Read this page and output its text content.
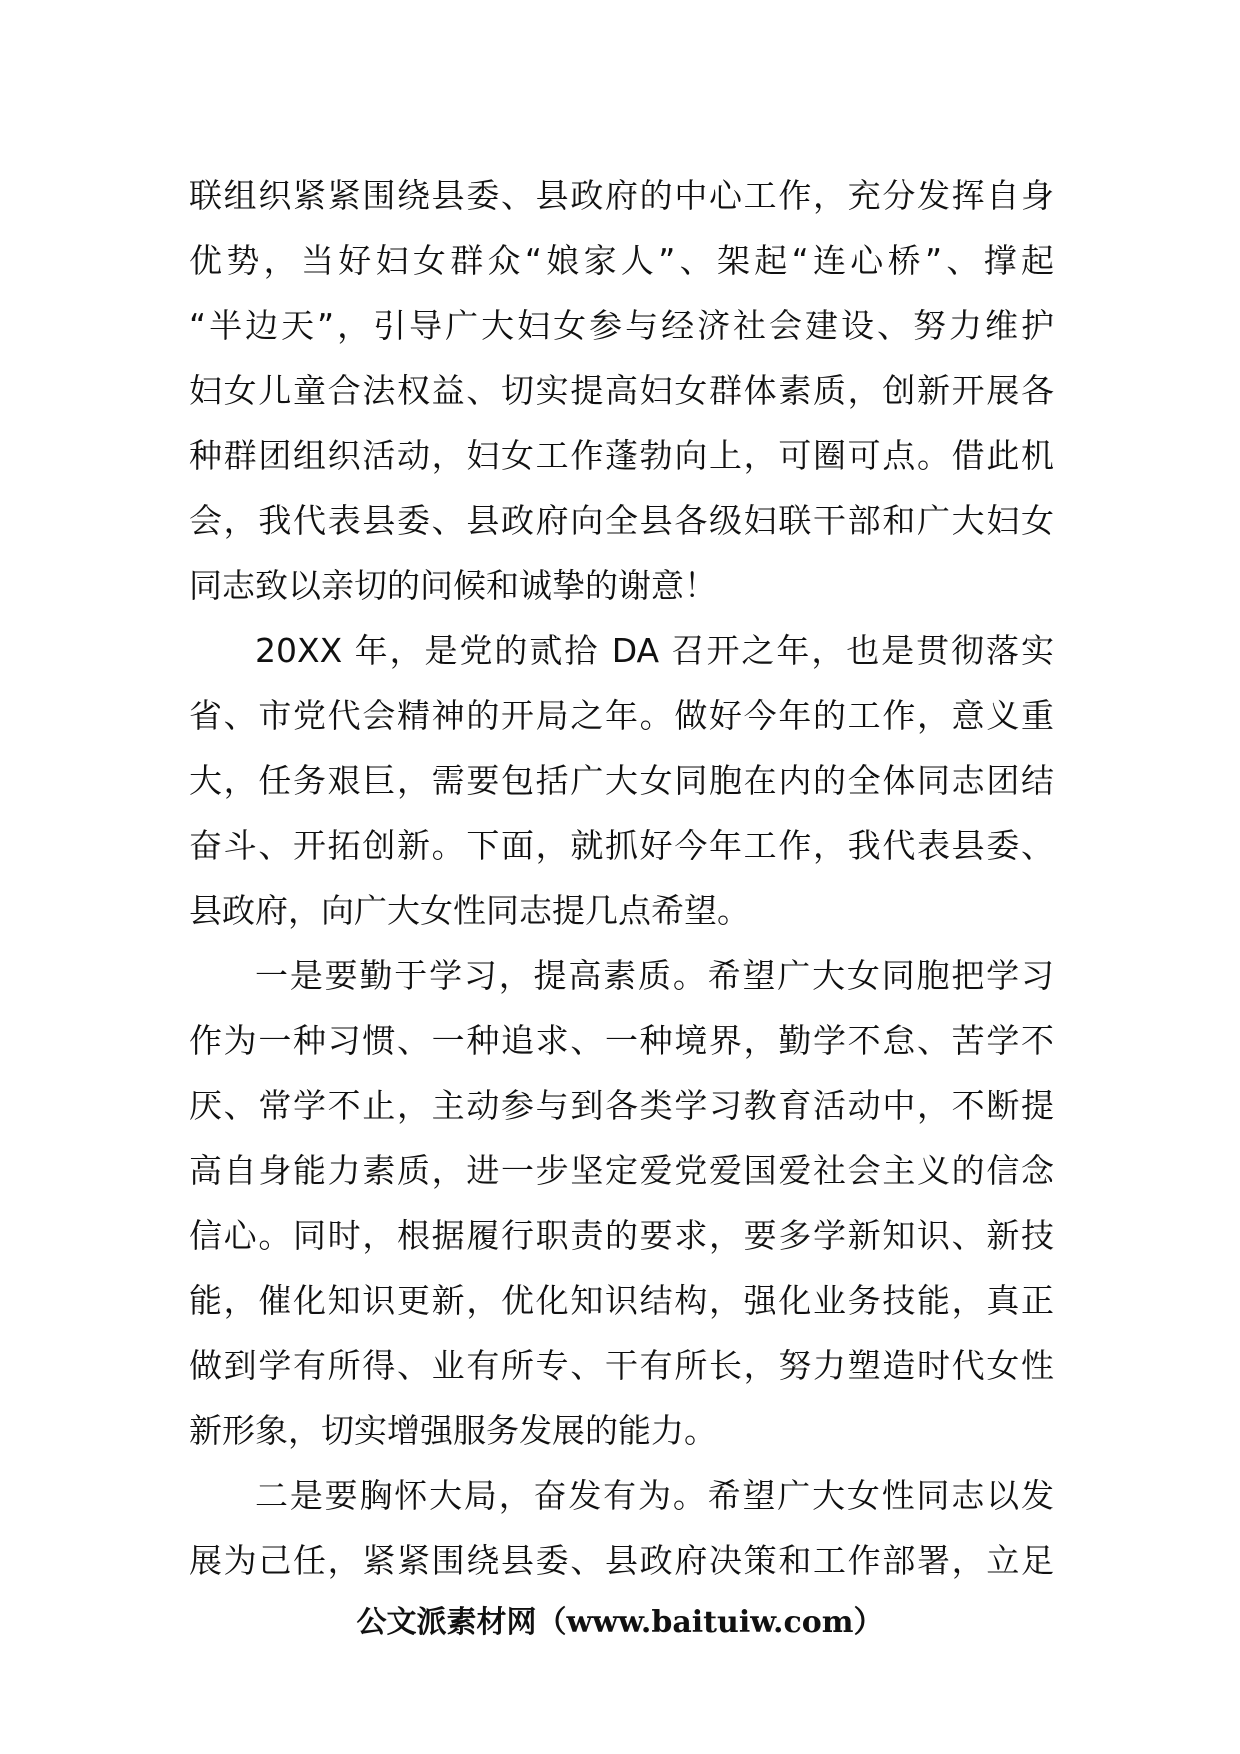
联组织紧紧围绕县委、县政府的中心工作，充分发挥自身
优势，当好妇女群众“娘家人”、架起“连心桥”、撑起
“半边天”，引导广大妇女参与经济社会建设、努力维护
妇女儿童合法权益、切实提高妇女群体素质，创新开展各
种群团组织活动，妇女工作蓬勃向上，可圈可点。借此机
会，我代表县委、县政府向全县各级妇联干部和广大妇女
同志致以亲切的问候和诚挚的谢意！
20XX 年，是党的贰拾 DA 召开之年，也是贯彻落实
省、市党代会精神的开局之年。做好今年的工作，意义重
大，任务艰巨，需要包括广大女同胞在内的全体同志团结
奋斗、开拓创新。下面，就抓好今年工作，我代表县委、
县政府，向广大女性同志提几点希望。
一是要勤于学习，提高素质。希望广大女同胞把学习
作为一种习惯、一种追求、一种境界，勤学不怠、苦学不
厌、常学不止，主动参与到各类学习教育活动中，不断提
高自身能力素质，进一步坚定爱党爱国爱社会主义的信念
信心。同时，根据履行职责的要求，要多学新知识、新技
能，催化知识更新，优化知识结构，强化业务技能，真正
做到学有所得、业有所专、干有所长，努力塑造时代女性
新形象，切实增强服务发展的能力。
二是要胸怀大局，奋发有为。希望广大女性同志以发
展为己任，紧紧围绕县委、县政府决策和工作部署，立足
公文派素材网（www.baituiw.com）
